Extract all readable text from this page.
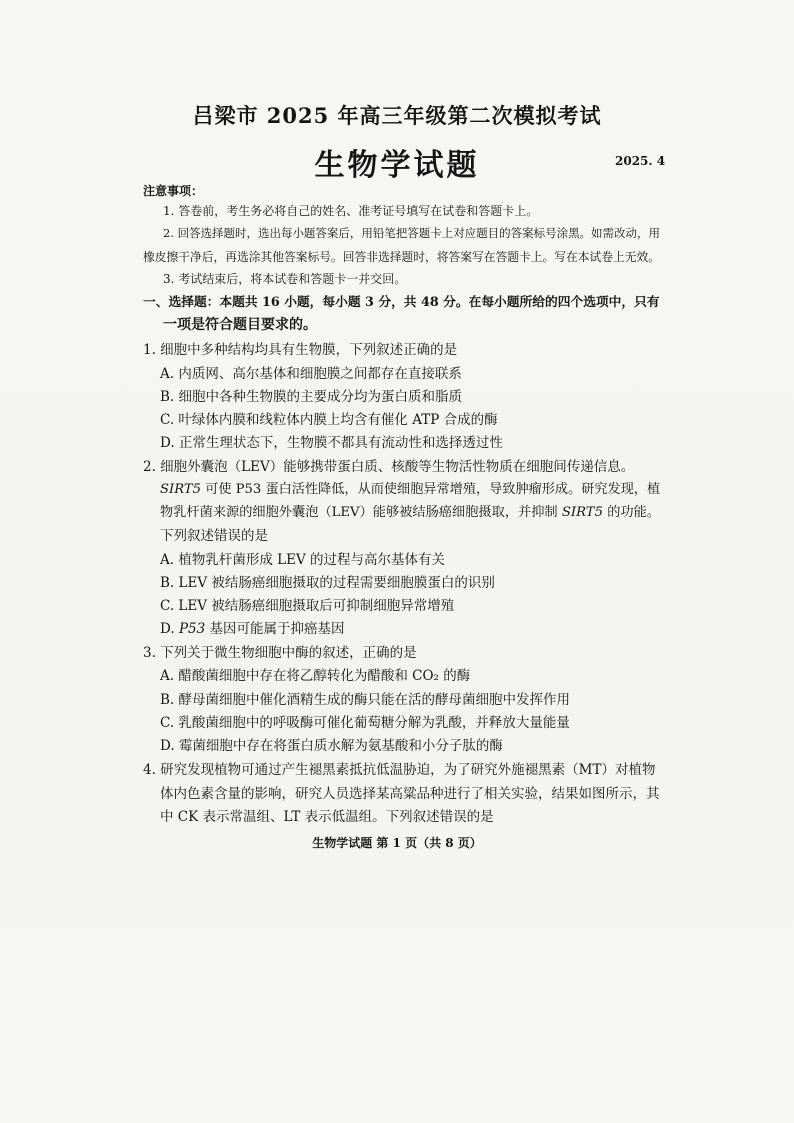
吕梁市 2025 年高三年级第二次模拟考试
生物学试题	2025. 4
注意事项：
1. 答卷前，考生务必将自己的姓名、准考证号填写在试卷和答题卡上。
2. 回答选择题时，选出每小题答案后，用铅笔把答题卡上对应题目的答案标号涂黑。如需改动，用
橡皮擦干净后，再选涂其他答案标号。回答非选择题时，将答案写在答题卡上。写在本试卷上无效。
3. 考试结束后，将本试卷和答题卡一并交回。
一、选择题：本题共 16 小题，每小题 3 分，共 48 分。在每小题所给的四个选项中，只有
一项是符合题目要求的。
1. 细胞中多种结构均具有生物膜，下列叙述正确的是
A. 内质网、高尔基体和细胞膜之间都存在直接联系
B. 细胞中各种生物膜的主要成分均为蛋白质和脂质
C. 叶绿体内膜和线粒体内膜上均含有催化 ATP 合成的酶
D. 正常生理状态下，生物膜不都具有流动性和选择透过性
2. 细胞外囊泡（LEV）能够携带蛋白质、核酸等生物活性物质在细胞间传递信息。
SIRT5 可使 P53 蛋白活性降低，从而使细胞异常增殖，导致肿瘤形成。研究发现，植
物乳杆菌来源的细胞外囊泡（LEV）能够被结肠癌细胞摄取，并抑制 SIRT5 的功能。
下列叙述错误的是
A. 植物乳杆菌形成 LEV 的过程与高尔基体有关
B. LEV 被结肠癌细胞摄取的过程需要细胞膜蛋白的识别
C. LEV 被结肠癌细胞摄取后可抑制细胞异常增殖
D. P53 基因可能属于抑癌基因
3. 下列关于微生物细胞中酶的叙述，正确的是
A. 醋酸菌细胞中存在将乙醇转化为醋酸和 CO₂ 的酶
B. 酵母菌细胞中催化酒精生成的酶只能在活的酵母菌细胞中发挥作用
C. 乳酸菌细胞中的呼吸酶可催化葡萄糖分解为乳酸，并释放大量能量
D. 霉菌细胞中存在将蛋白质水解为氨基酸和小分子肽的酶
4. 研究发现植物可通过产生褪黑素抵抗低温胁迫，为了研究外施褪黑素（MT）对植物
体内色素含量的影响，研究人员选择某高粱品种进行了相关实验，结果如图所示，其
中 CK 表示常温组、LT 表示低温组。下列叙述错误的是
生物学试题 第 1 页（共 8 页）
